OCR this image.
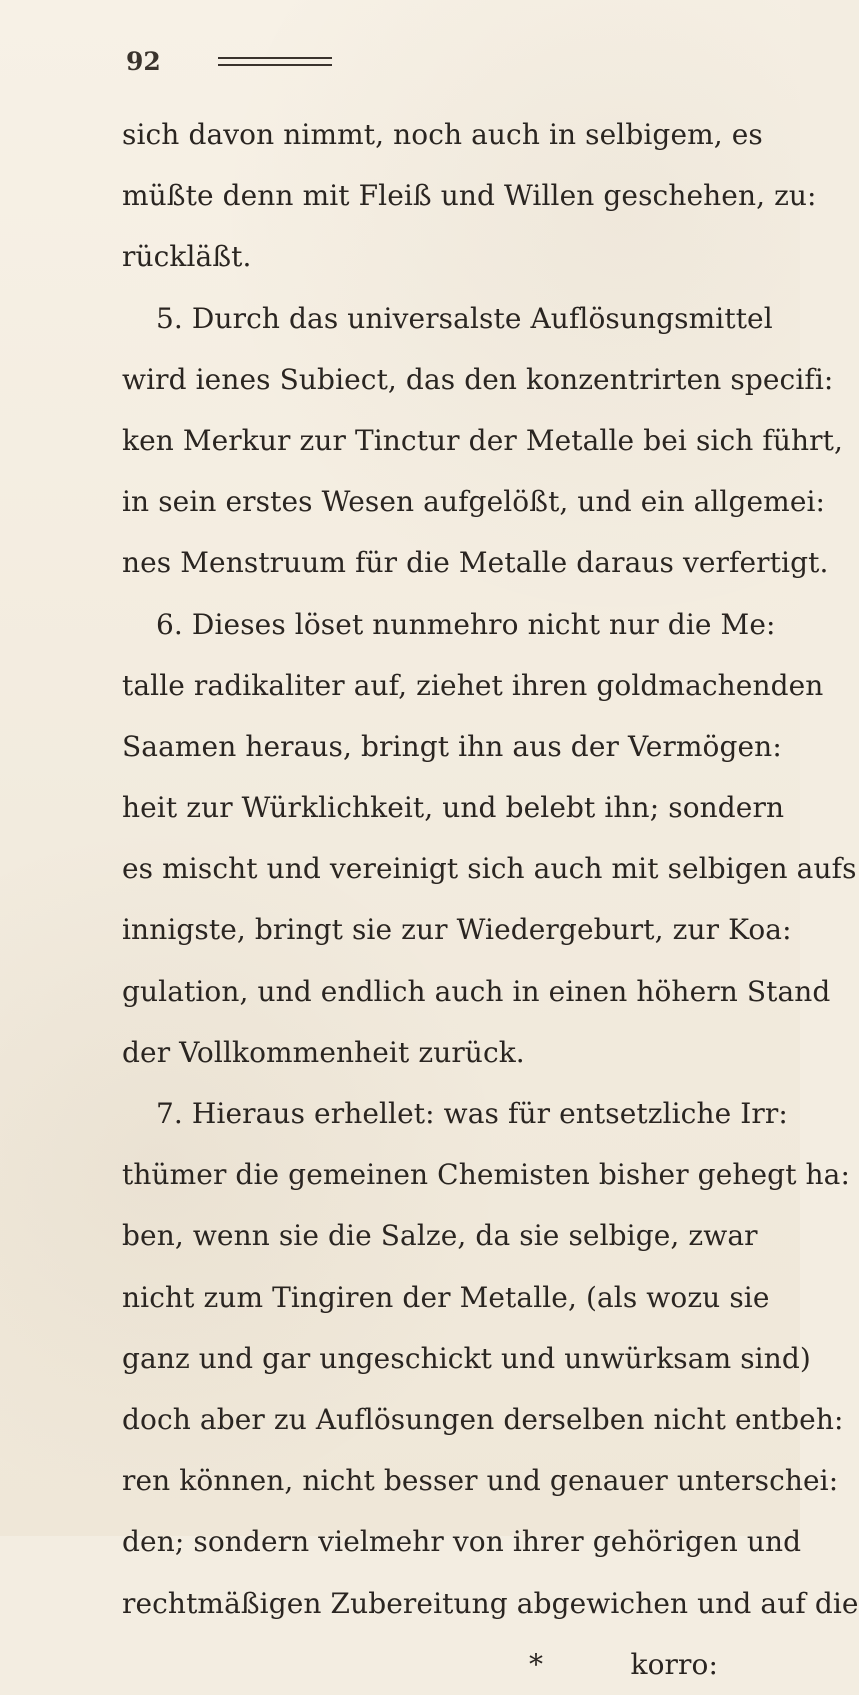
92
sich davon nimmt, noch auch in selbigem, es
müßte denn mit Fleiß und Willen geschehen, zu:
rückläßt.
5. Durch das universalste Auflösungsmittel
wird ienes Subiect, das den konzentrirten specifi:
ken Merkur zur Tinctur der Metalle bei sich führt,
in sein erstes Wesen aufgelößt, und ein allgemei:
nes Menstruum für die Metalle daraus verfertigt.
6. Dieses löset nunmehro nicht nur die Me:
talle radikaliter auf, ziehet ihren goldmachenden
Saamen heraus, bringt ihn aus der Vermögen:
heit zur Würklichkeit, und belebt ihn; sondern
es mischt und vereinigt sich auch mit selbigen aufs
innigste, bringt sie zur Wiedergeburt, zur Koa:
gulation, und endlich auch in einen höhern Stand
der Vollkommenheit zurück.
7. Hieraus erhellet: was für entsetzliche Irr:
thümer die gemeinen Chemisten bisher gehegt ha:
ben, wenn sie die Salze, da sie selbige, zwar
nicht zum Tingiren der Metalle, (als wozu sie
ganz und gar ungeschickt und unwürksam sind)
doch aber zu Auflösungen derselben nicht entbeh:
ren können, nicht besser und genauer unterschei:
den; sondern vielmehr von ihrer gehörigen und
rechtmäßigen Zubereitung abgewichen und auf die
*	korro:
